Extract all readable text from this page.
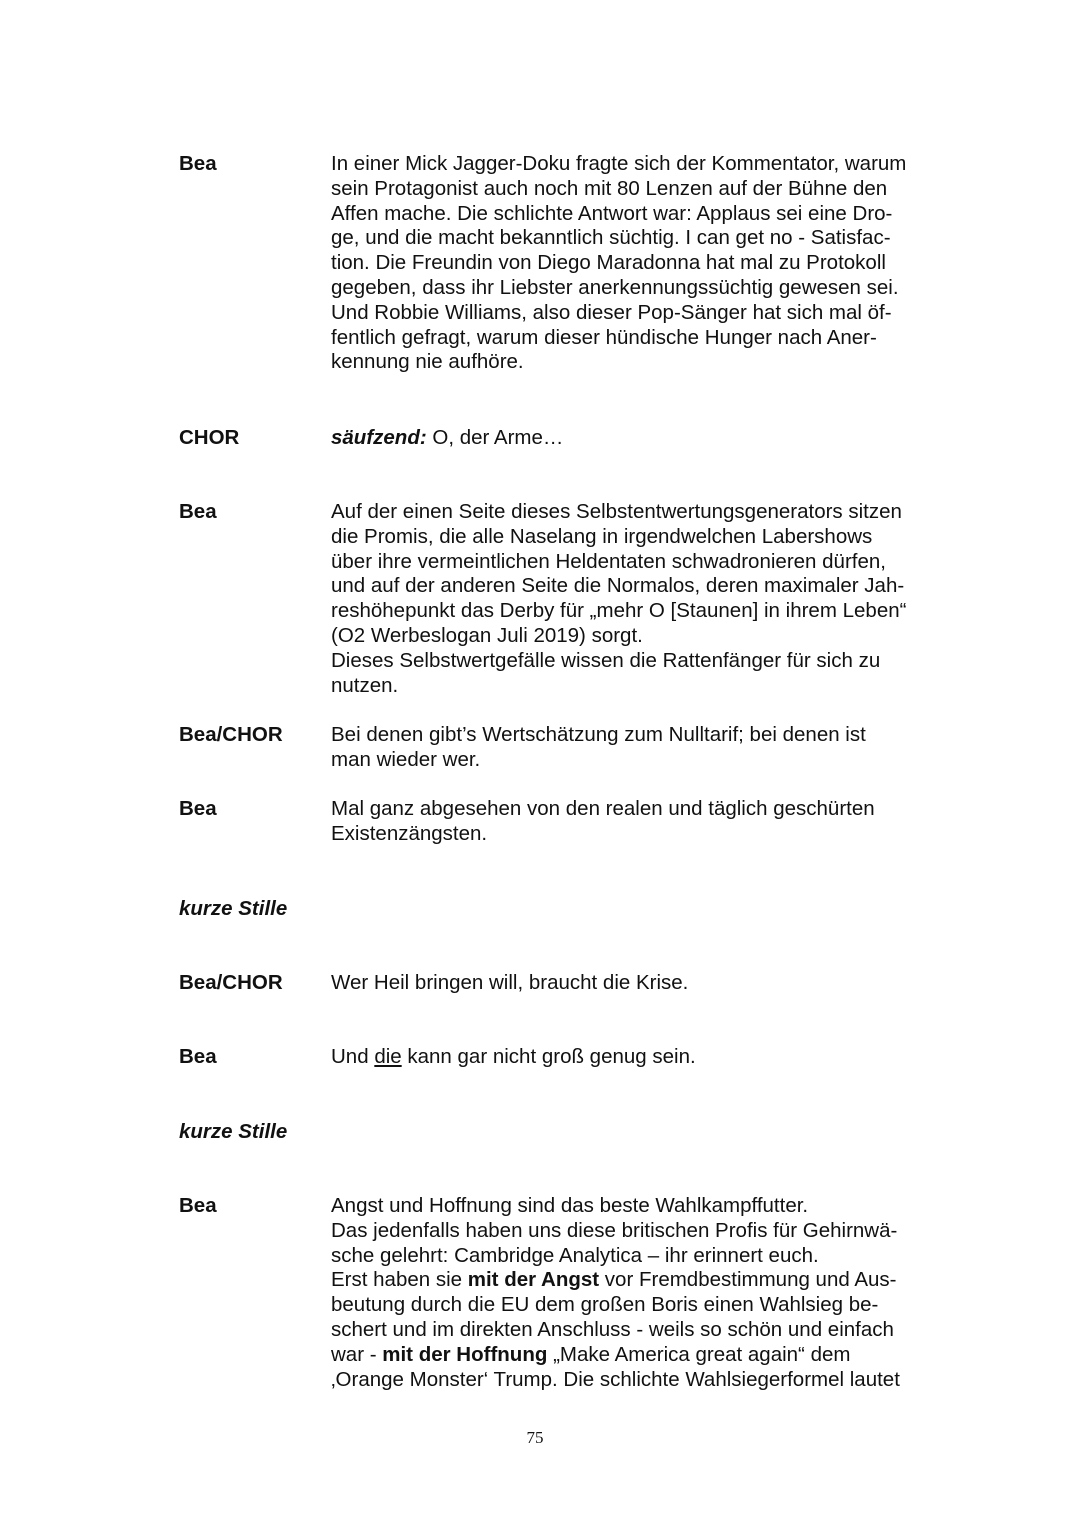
Bea	In einer Mick Jagger-Doku fragte sich der Kommentator, warum
sein Protagonist auch noch mit 80 Lenzen auf der Bühne den
Affen mache. Die schlichte Antwort war: Applaus sei eine Dro-
ge, und die macht bekanntlich süchtig. I can get no - Satisfac-
tion. Die Freundin von Diego Maradonna hat mal zu Protokoll
gegeben, dass ihr Liebster anerkennungssüchtig gewesen sei.
Und Robbie Williams, also dieser Pop-Sänger hat sich mal öf-
fentlich gefragt, warum dieser hündische Hunger nach Aner-
kennung nie aufhöre.
CHOR	säufzend: O, der Arme…
Bea	Auf der einen Seite dieses Selbstentwertungsgenerators sitzen
die Promis, die alle Naselang in irgendwelchen Labershows
über ihre vermeintlichen Heldentaten schwadronieren dürfen,
und auf der anderen Seite die Normalos, deren maximaler Jah-
reshöhepunkt das Derby für „mehr O [Staunen] in ihrem Leben“
(O2 Werbeslogan Juli 2019) sorgt.
Dieses Selbstwertgefälle wissen die Rattenfänger für sich zu
nutzen.
Bea/CHOR Bei denen gibt’s Wertschätzung zum Nulltarif; bei denen ist
man wieder wer.
Bea	Mal ganz abgesehen von den realen und täglich geschürten
Existenzängsten.
kurze Stille
Bea/CHOR Wer Heil bringen will, braucht die Krise.
Bea	Und die kann gar nicht groß genug sein.
kurze Stille
Bea	Angst und Hoffnung sind das beste Wahlkampffutter.
Das jedenfalls haben uns diese britischen Profis für Gehirnwä-
sche gelehrt: Cambridge Analytica – ihr erinnert euch.
Erst haben sie mit der Angst vor Fremdbestimmung und Aus-
beutung durch die EU dem großen Boris einen Wahlsieg be-
schert und im direkten Anschluss - weils so schön und einfach
war - mit der Hoffnung „Make America great again“ dem
‚Orange Monster‘ Trump. Die schlichte Wahlsiegerformel lautet
75
